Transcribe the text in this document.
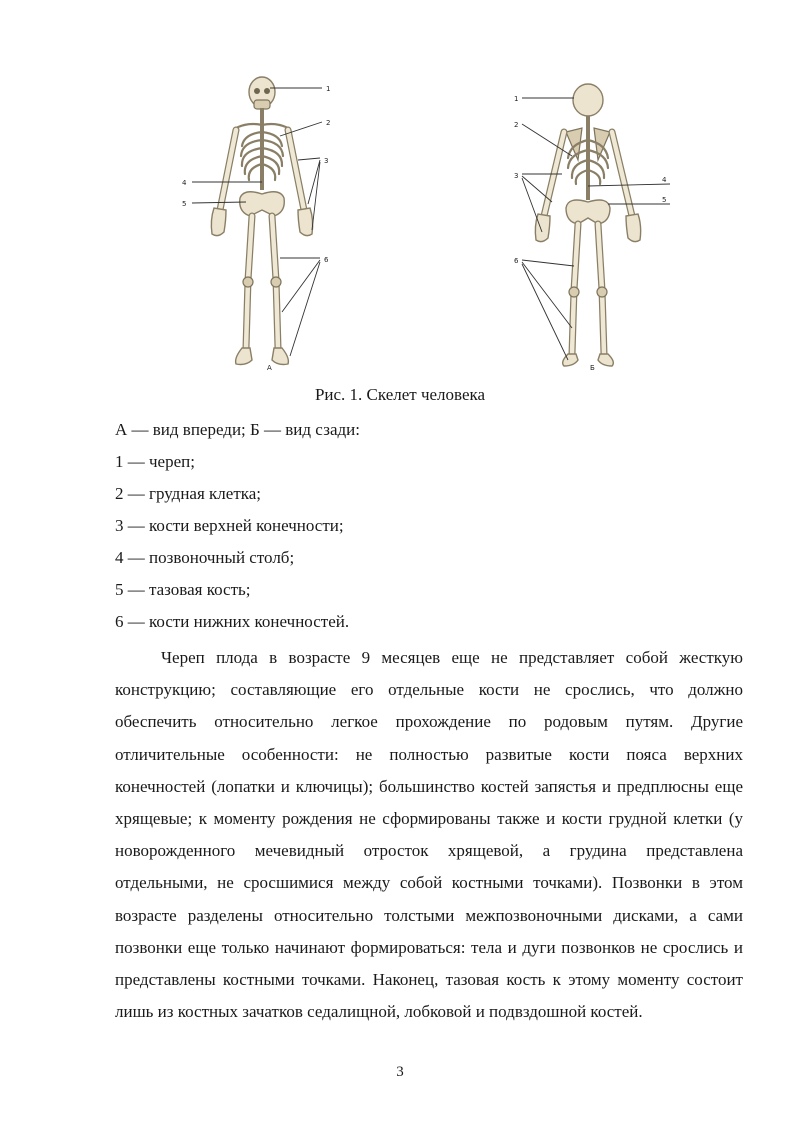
1
2
3
4
5
6
А
1
2
3	4
5
6
Б
Рис. 1. Скелет человека
А — вид впереди; Б — вид сзади:
1 — череп;
2 — грудная клетка;
3 — кости верхней конечности;
4 — позвоночный столб;
5 — тазовая кость;
6 — кости нижних конечностей.

Череп плода в возрасте 9 месяцев еще не представляет собой жесткую конструкцию; составляющие его отдельные кости не срослись, что должно обеспечить относительно легкое прохождение по родовым путям. Другие отличительные особенности: не полностью развитые кости пояса верхних конечностей (лопатки и ключицы); большинство костей запястья и предплюсны еще хрящевые; к моменту рождения не сформированы также и кости грудной клетки (у новорожденного мечевидный отросток хрящевой, а грудина представлена отдельными, не сросшимися между собой костными точками). Позвонки в этом возрасте разделены относительно толстыми межпозвоночными дисками, а сами позвонки еще только начинают формироваться: тела и дуги позвонков не срослись и представлены костными точками. Наконец, тазовая кость к этому моменту состоит лишь из костных зачатков седалищной, лобковой и подвздошной костей.

3
